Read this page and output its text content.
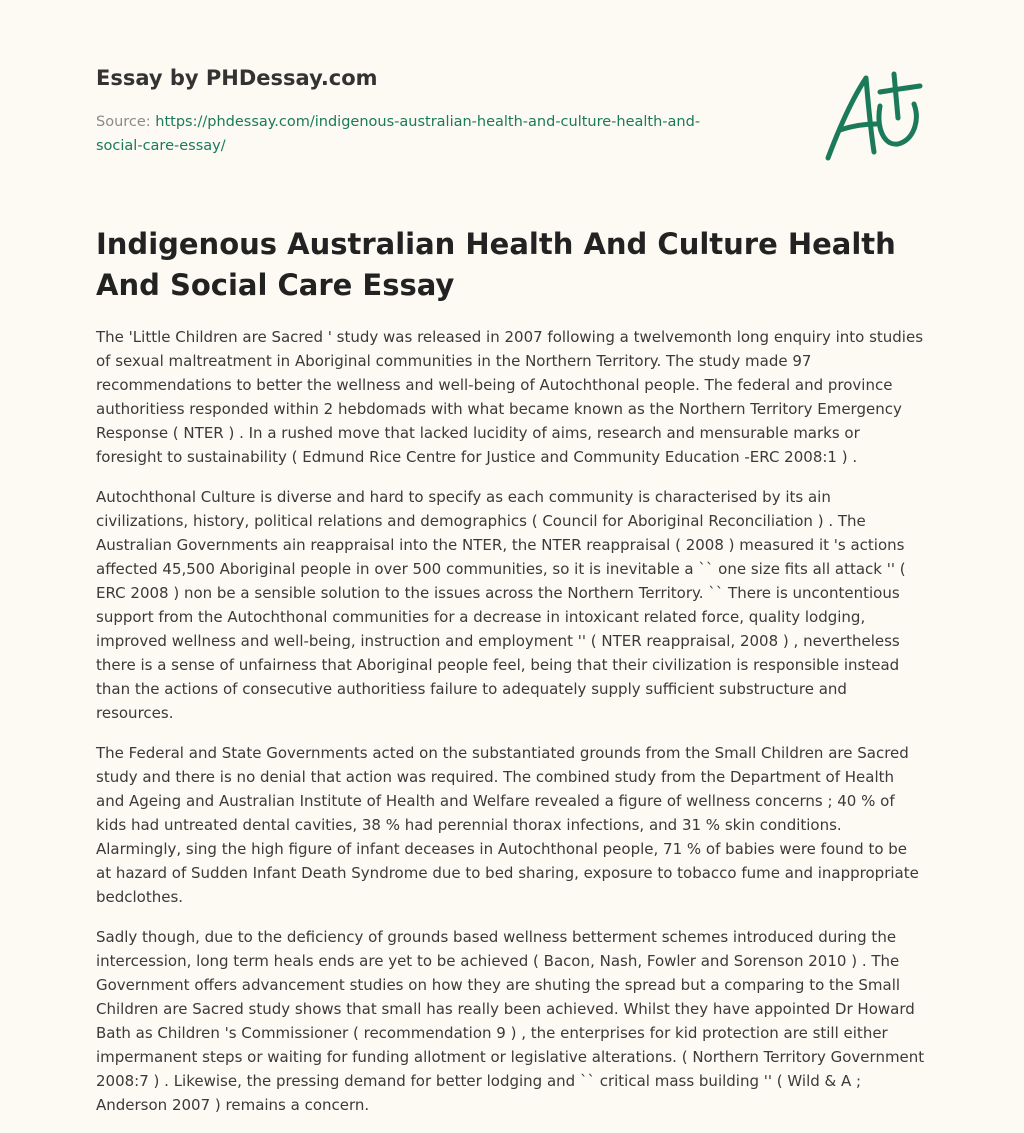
Essay by PHDessay.com
Source: https://phdessay.com/indigenous-australian-health-and-culture-health-and-
social-care-essay/
Indigenous Australian Health And Culture Health And Social Care Essay

The 'Little Children are Sacred ' study was released in 2007 following a twelvemonth long enquiry into studies of sexual maltreatment in Aboriginal communities in the Northern Territory. The study made 97 recommendations to better the wellness and well-being of Autochthonal people. The federal and province authoritiess responded within 2 hebdomads with what became known as the Northern Territory Emergency Response ( NTER ) . In a rushed move that lacked lucidity of aims, research and mensurable marks or foresight to sustainability ( Edmund Rice Centre for Justice and Community Education -ERC 2008:1 ) .

Autochthonal Culture is diverse and hard to specify as each community is characterised by its ain civilizations, history, political relations and demographics ( Council for Aboriginal Reconciliation ) . The Australian Governments ain reappraisal into the NTER, the NTER reappraisal ( 2008 ) measured it 's actions affected 45,500 Aboriginal people in over 500 communities, so it is inevitable a `` one size fits all attack '' ( ERC 2008 ) non be a sensible solution to the issues across the Northern Territory. `` There is uncontentious support from the Autochthonal communities for a decrease in intoxicant related force, quality lodging, improved wellness and well-being, instruction and employment '' ( NTER reappraisal, 2008 ) , nevertheless there is a sense of unfairness that Aboriginal people feel, being that their civilization is responsible instead than the actions of consecutive authoritiess failure to adequately supply sufficient substructure and resources.

The Federal and State Governments acted on the substantiated grounds from the Small Children are Sacred study and there is no denial that action was required. The combined study from the Department of Health and Ageing and Australian Institute of Health and Welfare revealed a figure of wellness concerns ; 40 % of kids had untreated dental cavities, 38 % had perennial thorax infections, and 31 % skin conditions. Alarmingly, sing the high figure of infant deceases in Autochthonal people, 71 % of babies were found to be at hazard of Sudden Infant Death Syndrome due to bed sharing, exposure to tobacco fume and inappropriate bedclothes.

Sadly though, due to the deficiency of grounds based wellness betterment schemes introduced during the intercession, long term heals ends are yet to be achieved ( Bacon, Nash, Fowler and Sorenson 2010 ) . The Government offers advancement studies on how they are shuting the spread but a comparing to the Small Children are Sacred study shows that small has really been achieved. Whilst they have appointed Dr Howard Bath as Children 's Commissioner ( recommendation 9 ) , the enterprises for kid protection are still either impermanent steps or waiting for funding allotment or legislative alterations. ( Northern Territory Government 2008:7 ) . Likewise, the pressing demand for better lodging and `` critical mass building '' ( Wild & A ; Anderson 2007 ) remains a concern.
